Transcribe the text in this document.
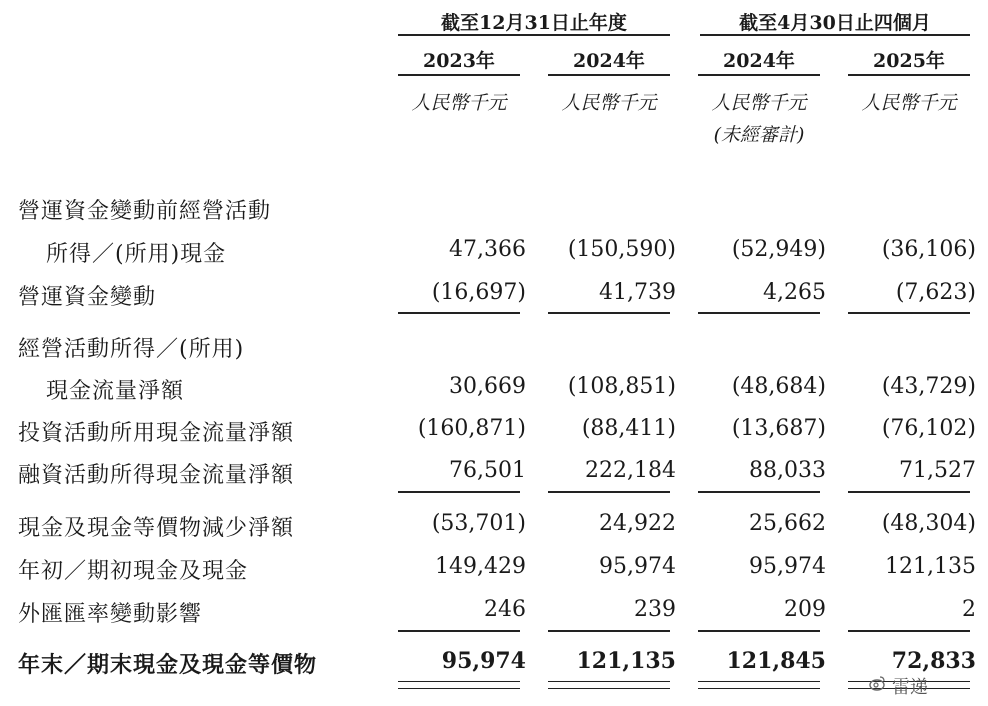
截至12月31日止年度	截至4月30日止四個月
2023年	2024年	2024年	2025年
人民幣千元	人民幣千元	人民幣千元	人民幣千元
(未經審計)
營運資金變動前經營活動
所得／(所用)現金	47,366	(150,590)	(52,949)	(36,106)
營運資金變動	(16,697)	41,739	4,265	(7,623)
經營活動所得／(所用)
現金流量淨額	30,669	(108,851)	(48,684)	(43,729)
投資活動所用現金流量淨額	(160,871)	(88,411)	(13,687)	(76,102)
融資活動所得現金流量淨額	76,501	222,184	88,033	71,527
現金及現金等價物減少淨額	(53,701)	24,922	25,662	(48,304)
年初／期初現金及現金	149,429	95,974	95,974	121,135
外匯匯率變動影響	246	239	209	2
年末／期末現金及現金等價物	95,974	121,135	121,845	72,833
雷递
